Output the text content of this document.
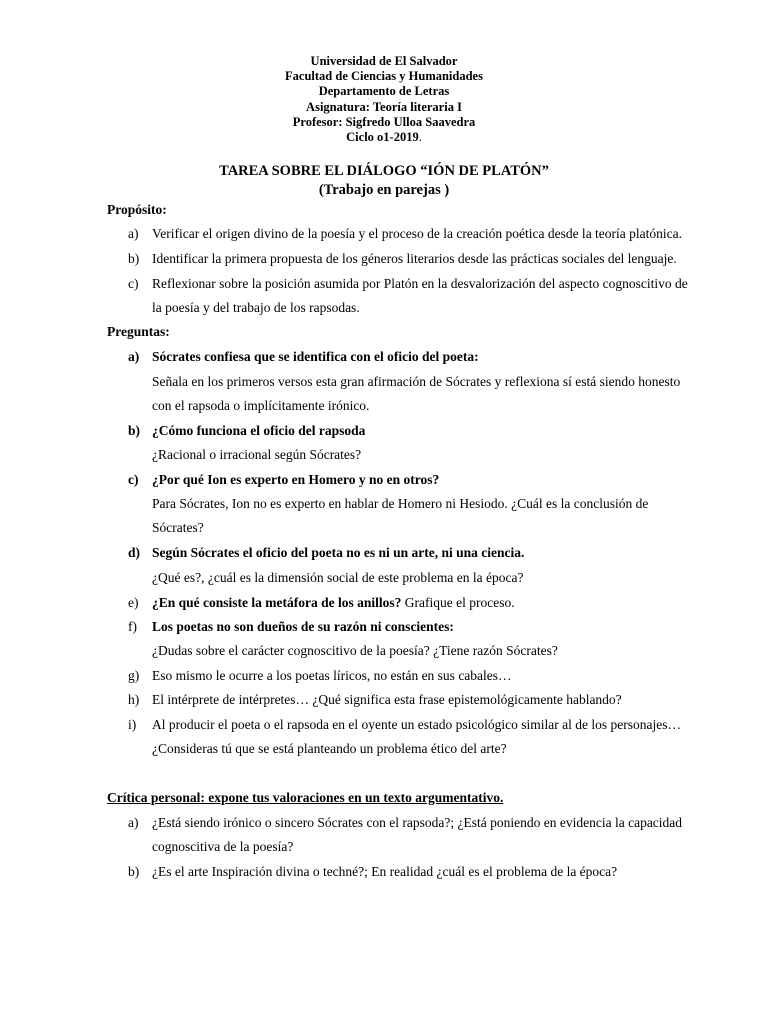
Universidad de El Salvador
Facultad de Ciencias y Humanidades
Departamento de Letras
Asignatura: Teoría literaria I
Profesor: Sigfredo Ulloa Saavedra
Ciclo o1-2019.
TAREA SOBRE EL DIÁLOGO “IÓN DE PLATÓN”
(Trabajo en parejas )
Propósito:
a) Verificar el origen divino de la poesía y el proceso de la creación poética desde la teoría platónica.
b) Identificar la primera propuesta de los géneros literarios desde las prácticas sociales del lenguaje.
c) Reflexionar sobre la posición asumida por Platón en la desvalorización del aspecto cognoscitivo de
la poesía y del trabajo de los rapsodas.
Preguntas:
a) Sócrates confiesa que se identifica con el oficio del poeta:
Señala en los primeros versos esta gran afirmación de Sócrates y reflexiona sí está siendo honesto
con el rapsoda o implícitamente irónico.
b) ¿Cómo funciona el oficio del rapsoda
¿Racional o irracional según Sócrates?
c) ¿Por qué Ion es experto en Homero y no en otros?
Para Sócrates, Ion no es experto en hablar de Homero ni Hesiodo. ¿Cuál es la conclusión de
Sócrates?
d) Según Sócrates el oficio del poeta no es ni un arte, ni una ciencia.
¿Qué es?, ¿cuál es la dimensión social de este problema en la época?
e) ¿En qué consiste la metáfora de los anillos? Grafique el proceso.
f) Los poetas no son dueños de su razón ni conscientes:
¿Dudas sobre el carácter cognoscitivo de la poesía? ¿Tiene razón Sócrates?
g) Eso mismo le ocurre a los poetas líricos, no están en sus cabales…
h) El intérprete de intérpretes… ¿Qué significa esta frase epistemológicamente hablando?
i) Al producir el poeta o el rapsoda en el oyente un estado psicológico similar al de los personajes…
¿Consideras tú que se está planteando un problema ético del arte?
Crítica personal: expone tus valoraciones en un texto argumentativo.
a) ¿Está siendo irónico o sincero Sócrates con el rapsoda?; ¿Está poniendo en evidencia la capacidad
cognoscitiva de la poesía?
b) ¿Es el arte Inspiración divina o techné?; En realidad ¿cuál es el problema de la época?
